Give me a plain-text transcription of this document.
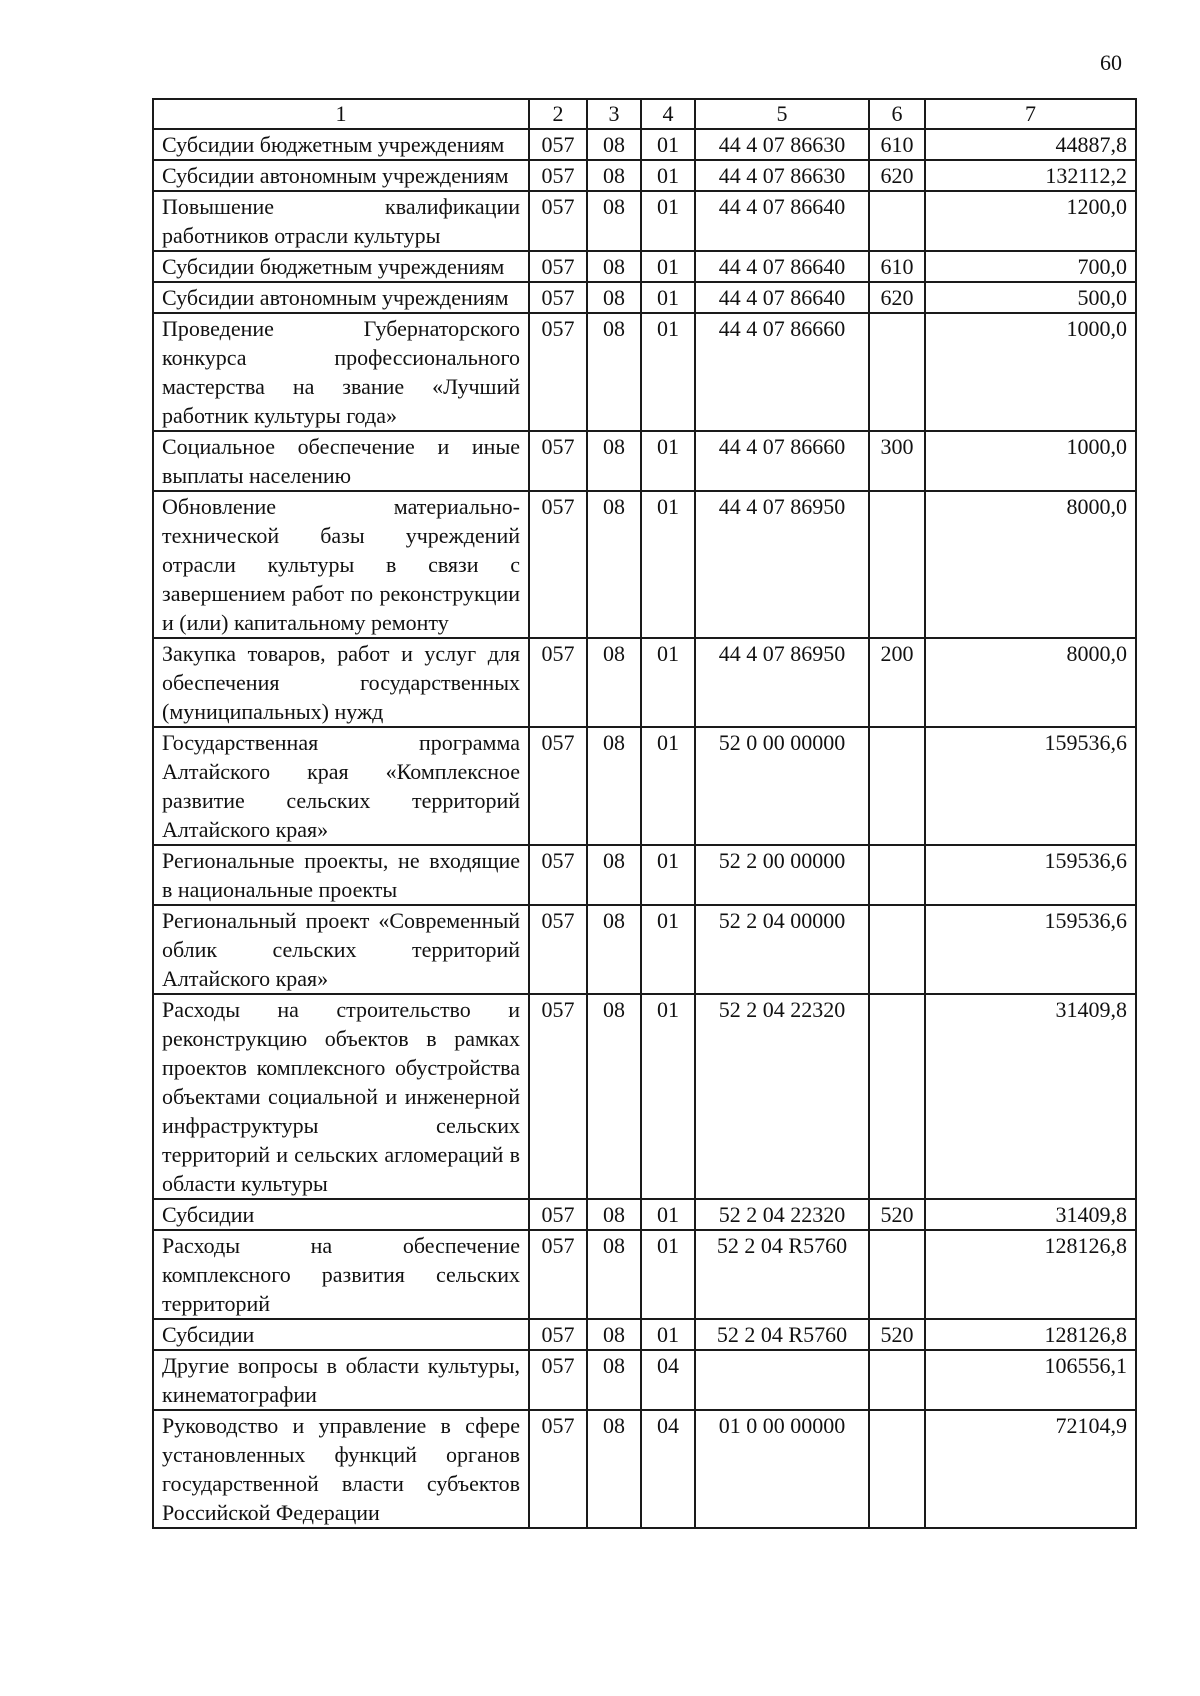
60
1	2	3	4	5	6	7
Субсидии бюджетным учреждениям	057	08	01	44 4 07 86630	610	44887,8
Субсидии автономным учреждениям	057	08	01	44 4 07 86630	620	132112,2
Повышение квалификации работников отрасли культуры	057	08	01	44 4 07 86640		1200,0
Субсидии бюджетным учреждениям	057	08	01	44 4 07 86640	610	700,0
Субсидии автономным учреждениям	057	08	01	44 4 07 86640	620	500,0
Проведение Губернаторского конкурса профессионального мастерства на звание «Лучший работник культуры года»	057	08	01	44 4 07 86660		1000,0
Социальное обеспечение и иные выплаты населению	057	08	01	44 4 07 86660	300	1000,0
Обновление материально-технической базы учреждений отрасли культуры в связи с завершением работ по реконструкции и (или) капитальному ремонту	057	08	01	44 4 07 86950		8000,0
Закупка товаров, работ и услуг для обеспечения государственных (муниципальных) нужд	057	08	01	44 4 07 86950	200	8000,0
Государственная программа Алтайского края «Комплексное развитие сельских территорий Алтайского края»	057	08	01	52 0 00 00000		159536,6
Региональные проекты, не входящие в национальные проекты	057	08	01	52 2 00 00000		159536,6
Региональный проект «Современный облик сельских территорий Алтайского края»	057	08	01	52 2 04 00000		159536,6
Расходы на строительство и реконструкцию объектов в рамках проектов комплексного обустройства объектами социальной и инженерной инфраструктуры сельских территорий и сельских агломераций в области культуры	057	08	01	52 2 04 22320		31409,8
Субсидии	057	08	01	52 2 04 22320	520	31409,8
Расходы на обеспечение комплексного развития сельских территорий	057	08	01	52 2 04 R5760		128126,8
Субсидии	057	08	01	52 2 04 R5760	520	128126,8
Другие вопросы в области культуры, кинематографии	057	08	04			106556,1
Руководство и управление в сфере установленных функций органов государственной власти субъектов Российской Федерации	057	08	04	01 0 00 00000		72104,9
